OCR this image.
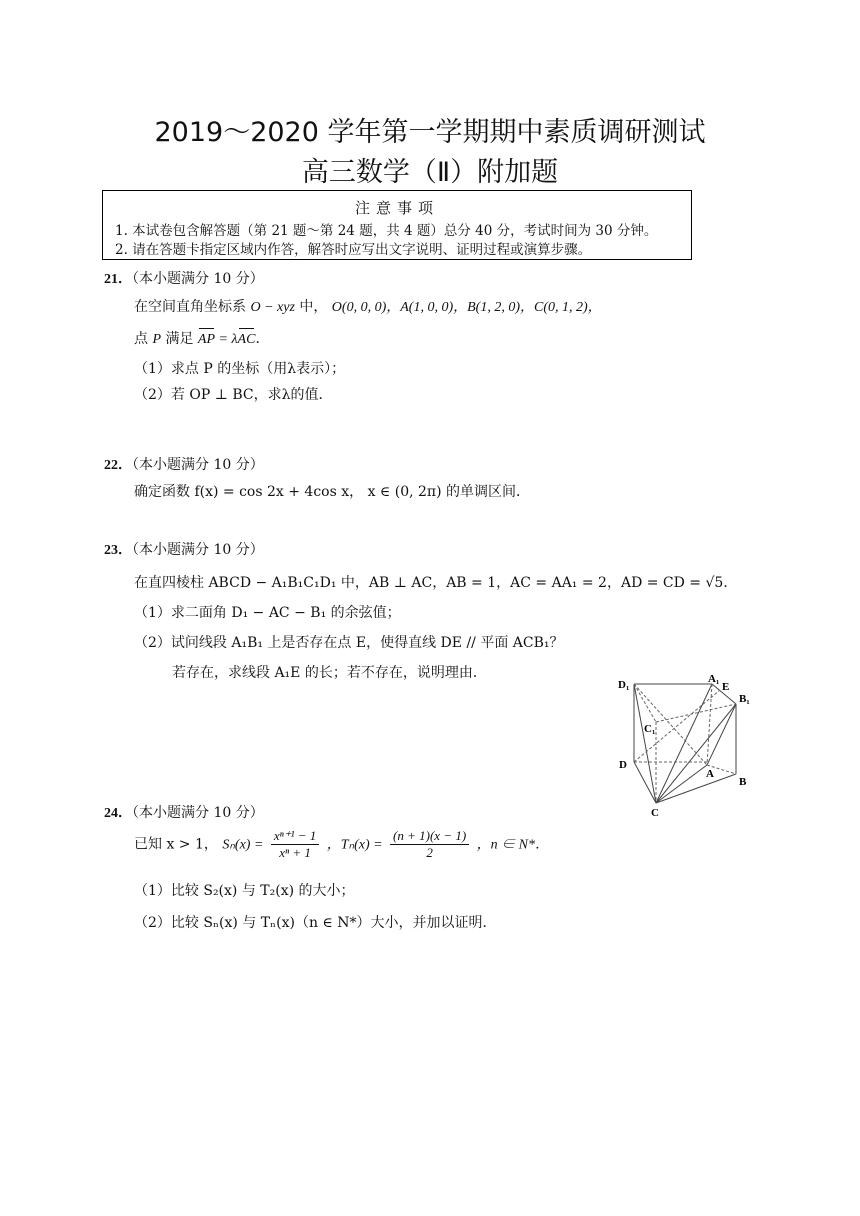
2019～2020 学年第一学期期中素质调研测试
高三数学（Ⅱ）附加题
注意事项
1. 本试卷包含解答题（第 21 题～第 24 题，共 4 题）总分 40 分，考试时间为 30 分钟。
2. 请在答题卡指定区域内作答，解答时应写出文字说明、证明过程或演算步骤。
21．（本小题满分 10 分）
在空间直角坐标系 O − xyz 中， O(0, 0, 0)，A(1, 0, 0)，B(1, 2, 0)，C(0, 1, 2)，
点 P 满足 AP = λAC．
（1）求点 P 的坐标（用λ表示）；
（2）若 OP ⊥ BC，求λ的值．
22．（本小题满分 10 分）
确定函数 f(x) = cos 2x + 4cos x， x ∈ (0, 2π) 的单调区间．
23．（本小题满分 10 分）
在直四棱柱 ABCD − A₁B₁C₁D₁ 中，AB ⊥ AC，AB = 1，AC = AA₁ = 2，AD = CD = √5．
（1）求二面角 D₁ − AC − B₁ 的余弦值；
（2）试问线段 A₁B₁ 上是否存在点 E，使得直线 DE // 平面 ACB₁？
若存在，求线段 A₁E 的长；若不存在，说明理由．
D₁	A₁
E
B₁
C₁
D
A
B
C
24．（本小题满分 10 分）
已知 x > 1， $S_n(x) = \frac{\text{xⁿ⁺¹ − 1}}{\text{xⁿ + 1}}$ ，$T_n(x) = \frac{(n + 1)(x - 1)}{2}$ ，n ∈ N*．
（1）比较 S₂(x) 与 T₂(x) 的大小；
（2）比较 Sₙ(x) 与 Tₙ(x)（n ∈ N*）大小，并加以证明．
